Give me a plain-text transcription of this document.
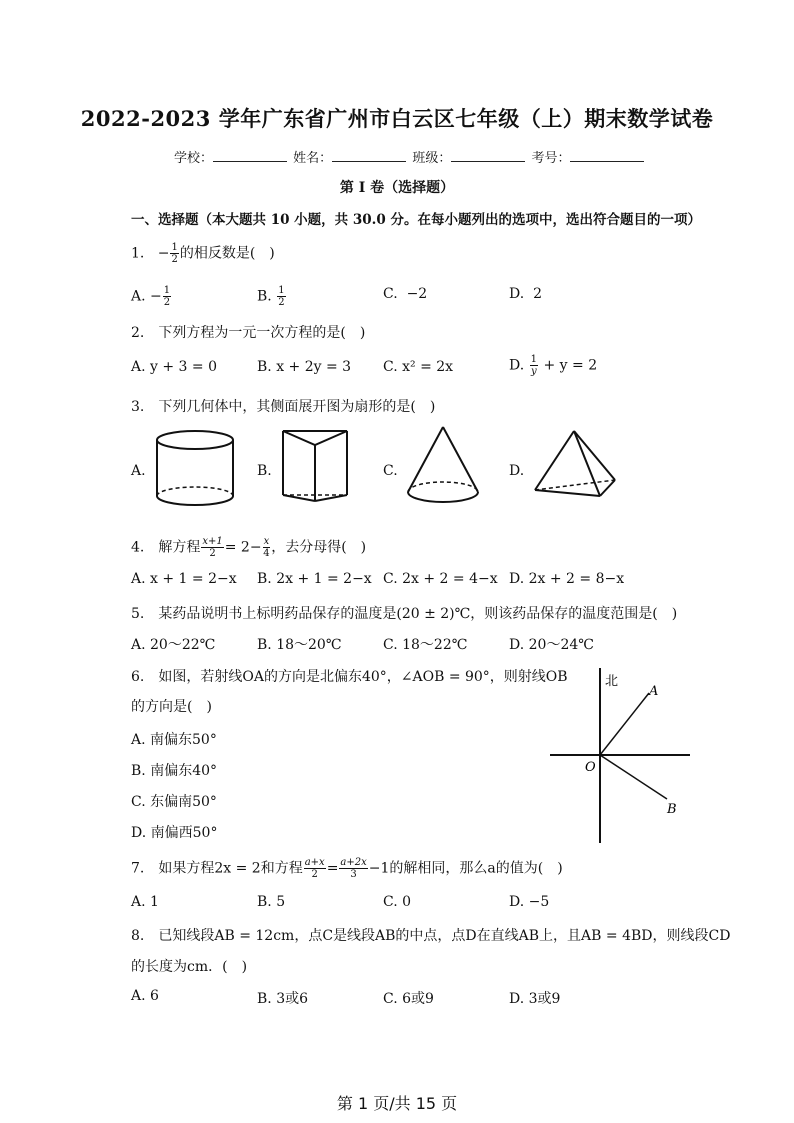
2022-2023 学年广东省广州市白云区七年级（上）期末数学试卷
学校：	姓名：	班级：	考号：
第 I 卷（选择题）
一、选择题（本大题共 10 小题，共 30.0 分。在每小题列出的选项中，选出符合题目的一项）
1. − $\frac{1}{2}$ 的相反数是(　)
A. − $\frac{1}{2}$	B. $\frac{1}{2}$	C. −2	D. 2
2.　下列方程为一元一次方程的是(　)
A. y + 3 = 0	B. x + 2y = 3 C. x² = 2x	D. $\frac{1}{y} + y = 2$
3.　下列几何体中，其侧面展开图为扇形的是(　)
A.	B.	C.	D.
4.　解方程 $\frac{x+1}{2} = 2- \frac{x}{4}$ ，去分母得(　)
A. x + 1 = 2−x B. 2x + 1 = 2−x C. 2x + 2 = 4−x D. 2x + 2 = 8−x
5.　某药品说明书上标明药品保存的温度是(20 ± 2)℃，则该药品保存的温度范围是(　)
A. 20～22℃	B. 18～20℃	C. 18～22℃	D. 20～24℃
6.　如图，若射线OA的方向是北偏东40°，∠AOB = 90°，则射线OB
的方向是(　)
A. 南偏东50°
B. 南偏东40°
C. 东偏南50°
D. 南偏西50°
北
A
O
B
7.　如果方程2x = 2和方程 $\frac{a+x}{2} = \frac{a+2x}{3} -1$的解相同，那么a的值为(　)
A. 1	B. 5	C. 0	D. −5
8.　已知线段AB = 12cm，点C是线段AB的中点，点D在直线AB上，且AB = 4BD，则线段CD
的长度为cm．(　)
A. 6	B. 3或6	C. 6或9	D. 3或9
第 1 页/共 15 页
